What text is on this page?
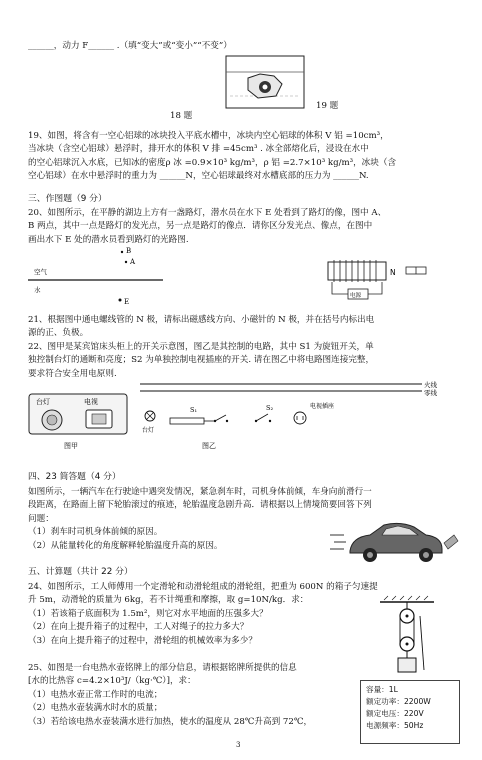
______，动力 F______ .（填“变大”或“变小”“不变”）
18 题
19 题

19、如图，将含有一空心铝球的冰块投入平底水槽中，冰块内空心铝球的体积 V 铝 =10cm³，

当冰块（含空心铝球）悬浮时，排开水的体积 V 排 =45cm³ . 冰全部熔化后，浸设在水中

的空心铝球沉入水底，已知冰的密度ρ 冰 =0.9×10³ kg/m³，ρ 铝 =2.7×10³ kg/m³，冰块（含

空心铝球）在水中悬浮时的重力为 ______N，空心铝球最终对水槽底部的压力为 ______N.

三、作图题（9 分）

20、如图所示，在平静的湖边上方有一盏路灯，潜水员在水下 E 处看到了路灯的像，图中 A、

B 两点，其中一点是路灯的发光点，另一点是路灯的像点．请你区分发光点、像点，在图中

画出水下 E 处的潜水员看到路灯的光路图.

B
A
空气
水
E
N
电源

21、根据图中通电螺线管的 N 极，请标出磁感线方向、小磁针的 N 极，并在括号内标出电

源的正、负极。

22、图甲是某宾馆床头柜上的开关示意图，图乙是其控制的电路，其中 S1 为旋钮开关，单

独控制台灯的通断和亮度；S2 为单独控制电视插座的开关. 请在图乙中将电路图连接完整，

要求符合安全用电原则.

台灯	电视
图甲
火线
零线
台灯
S₁	S₂	电视插座
图乙
四、23 简答题（4 分）

如图所示，一辆汽车在行驶途中遇突发情况，紧急刹车时，司机身体前倾，车身向前滑行一

段距离，在路面上留下轮胎滚过的痕迹，轮胎温度急剧升高．请根据以上情境简要回答下列

问题：

（1）刹车时司机身体前倾的原因。

（2）从能量转化的角度解释轮胎温度升高的原因。

五、计算题（共计 22 分）

24、如图所示，工人师傅用一个定滑轮和动滑轮组成的滑轮组，把重为 600N 的箱子匀速提

升 5m，动滑轮的质量为 6kg，若不计绳重和摩擦，取 g=10N/kg．求：

（1）若该箱子底面积为 1.5m²，则它对水平地面的压强多大？

（2）在向上提升箱子的过程中，工人对绳子的拉力多大？

（3）在向上提升箱子的过程中，滑轮组的机械效率为多少？

25、如图是一台电热水壶铭牌上的部分信息，请根据铭牌所提供的信息

[水的比热容 c=4.2×10³J/（kg·℃）]，求：

（1）电热水壶正常工作时的电流；

（2）电热水壶装满水时水的质量；

（3）若给该电热水壶装满水进行加热，使水的温度从 28℃升高到 72℃，

容量：1L
额定功率：2200W
额定电压：220V
电源频率：50Hz
3
